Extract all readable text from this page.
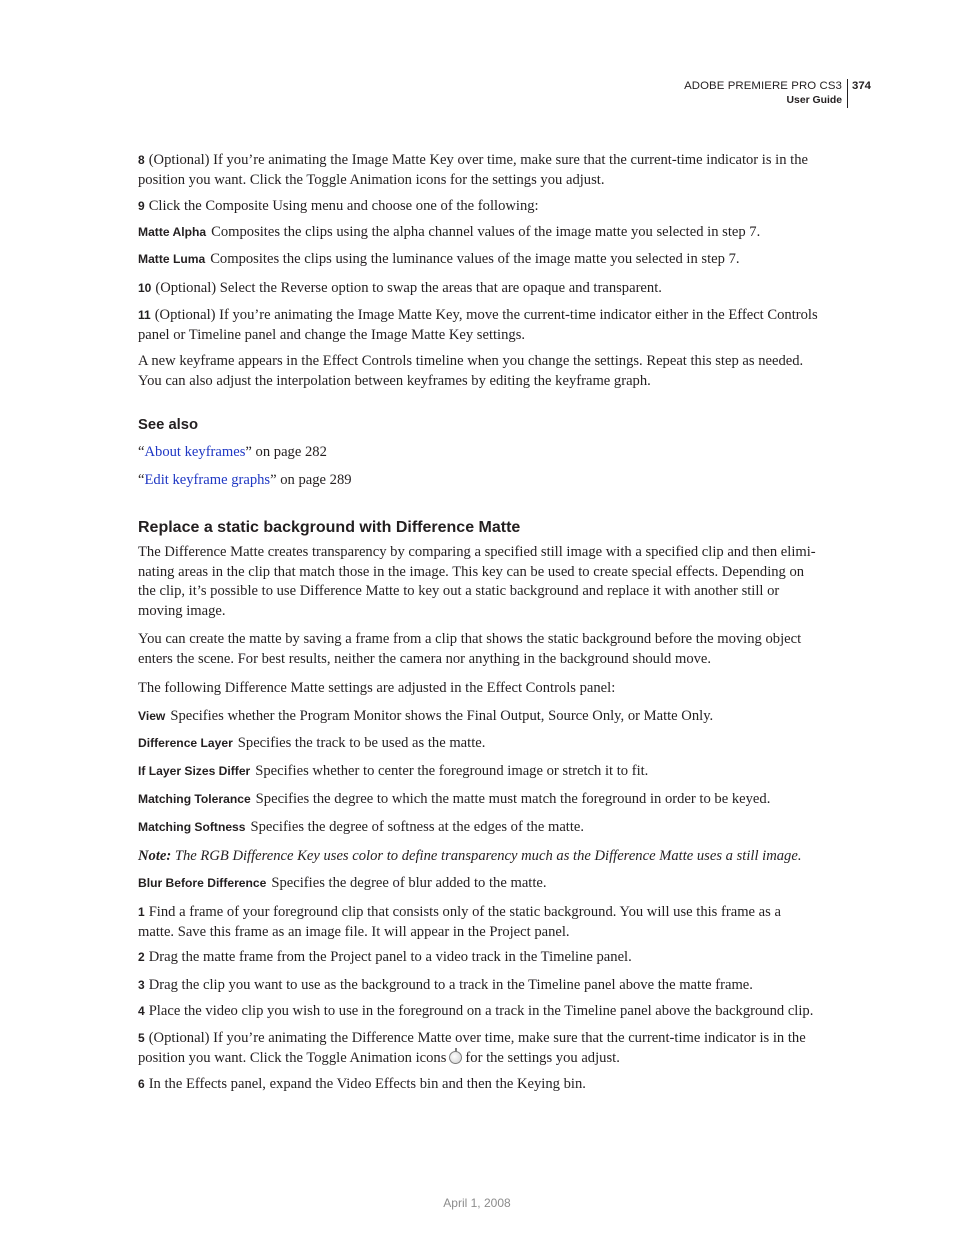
ADOBE PREMIERE PRO CS3
User Guide
374

8 (Optional) If you’re animating the Image Matte Key over time, make sure that the current-time indicator is in the position you want. Click the Toggle Animation icons for the settings you adjust.

9 Click the Composite Using menu and choose one of the following:

Matte Alpha Composites the clips using the alpha channel values of the image matte you selected in step 7.

Matte Luma Composites the clips using the luminance values of the image matte you selected in step 7.

10 (Optional) Select the Reverse option to swap the areas that are opaque and transparent.

11 (Optional) If you’re animating the Image Matte Key, move the current-time indicator either in the Effect Controls panel or Timeline panel and change the Image Matte Key settings.

A new keyframe appears in the Effect Controls timeline when you change the settings. Repeat this step as needed. You can also adjust the interpolation between keyframes by editing the keyframe graph.

See also

“About keyframes” on page 282

“Edit keyframe graphs” on page 289

Replace a static background with Difference Matte

The Difference Matte creates transparency by comparing a specified still image with a specified clip and then elimi- nating areas in the clip that match those in the image. This key can be used to create special effects. Depending on the clip, it’s possible to use Difference Matte to key out a static background and replace it with another still or moving image.

You can create the matte by saving a frame from a clip that shows the static background before the moving object enters the scene. For best results, neither the camera nor anything in the background should move.

The following Difference Matte settings are adjusted in the Effect Controls panel:

View Specifies whether the Program Monitor shows the Final Output, Source Only, or Matte Only.

Difference Layer Specifies the track to be used as the matte.

If Layer Sizes Differ Specifies whether to center the foreground image or stretch it to fit.

Matching Tolerance Specifies the degree to which the matte must match the foreground in order to be keyed.

Matching Softness Specifies the degree of softness at the edges of the matte.

Note: The RGB Difference Key uses color to define transparency much as the Difference Matte uses a still image.

Blur Before Difference Specifies the degree of blur added to the matte.

1 Find a frame of your foreground clip that consists only of the static background. You will use this frame as a matte. Save this frame as an image file. It will appear in the Project panel.

2 Drag the matte frame from the Project panel to a video track in the Timeline panel.

3 Drag the clip you want to use as the background to a track in the Timeline panel above the matte frame.

4 Place the video clip you wish to use in the foreground on a track in the Timeline panel above the background clip.

5 (Optional) If you’re animating the Difference Matte over time, make sure that the current-time indicator is in the position you want. Click the Toggle Animation icons for the settings you adjust.

6 In the Effects panel, expand the Video Effects bin and then the Keying bin.

April 1, 2008
